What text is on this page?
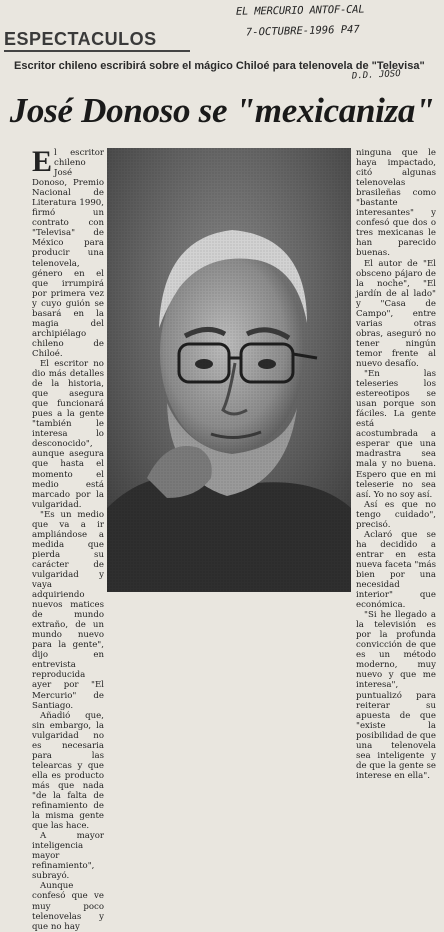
EL MERCURIO ANTOF-CAL
7-OCTUBRE-1996 P47
D.D. JOSO
ESPECTACULOS
Escritor chileno escribirá sobre el mágico Chiloé para telenovela de "Televisa"
José Donoso se "mexicaniza"

El escritor chileno José Donoso, Premio Nacional de Literatura 1990, firmó un contrato con "Televisa" de México para producir una telenovela, género en el que irrumpirá por primera vez y cuyo guión se basará en la magia del archipiélago chileno de Chiloé.

El escritor no dio más detalles de la historia, que asegura que funcionará pues a la gente "también le interesa lo desconocido", aunque asegura que hasta el momento el medio está marcado por la vulgaridad.

"Es un medio que va a ir ampliándose a medida que pierda su carácter de vulgaridad y vaya adquiriendo nuevos matices de mundo extraño, de un mundo nuevo para la gente", dijo en entrevista reproducida ayer por "El Mercurio" de Santiago.

Añadió que, sin embargo, la vulgaridad no es necesaria para las telearcas y que ella es producto más que nada "de la falta de refinamiento de la misma gente que las hace.

A mayor inteligencia mayor refinamiento", subrayó.

Aunque confesó que ve muy poco telenovelas y que no hay

ninguna que le haya impactado, citó algunas telenovelas brasileñas como "bastante interesantes" y confesó que dos o tres mexicanas le han parecido buenas.

El autor de "El obsceno pájaro de la noche", "El jardín de al lado" y "Casa de Campo", entre varias otras obras, aseguró no tener ningún temor frente al nuevo desafío.

"En las teleseries los estereotipos se usan porque son fáciles. La gente está acostumbrada a esperar que una madrastra sea mala y no buena. Espero que en mi teleserie no sea así. Yo no soy así.

Así es que no tengo cuidado", precisó.

Aclaró que se ha decidido a entrar en esta nueva faceta "más bien por una necesidad interior" que económica.

"Si he llegado a la televisión es por la profunda convicción de que es un método moderno, muy nuevo y que me interesa", puntualizó para reiterar su apuesta de que "existe la posibilidad de que una telenovela sea inteligente y de que la gente se interese en ella".
